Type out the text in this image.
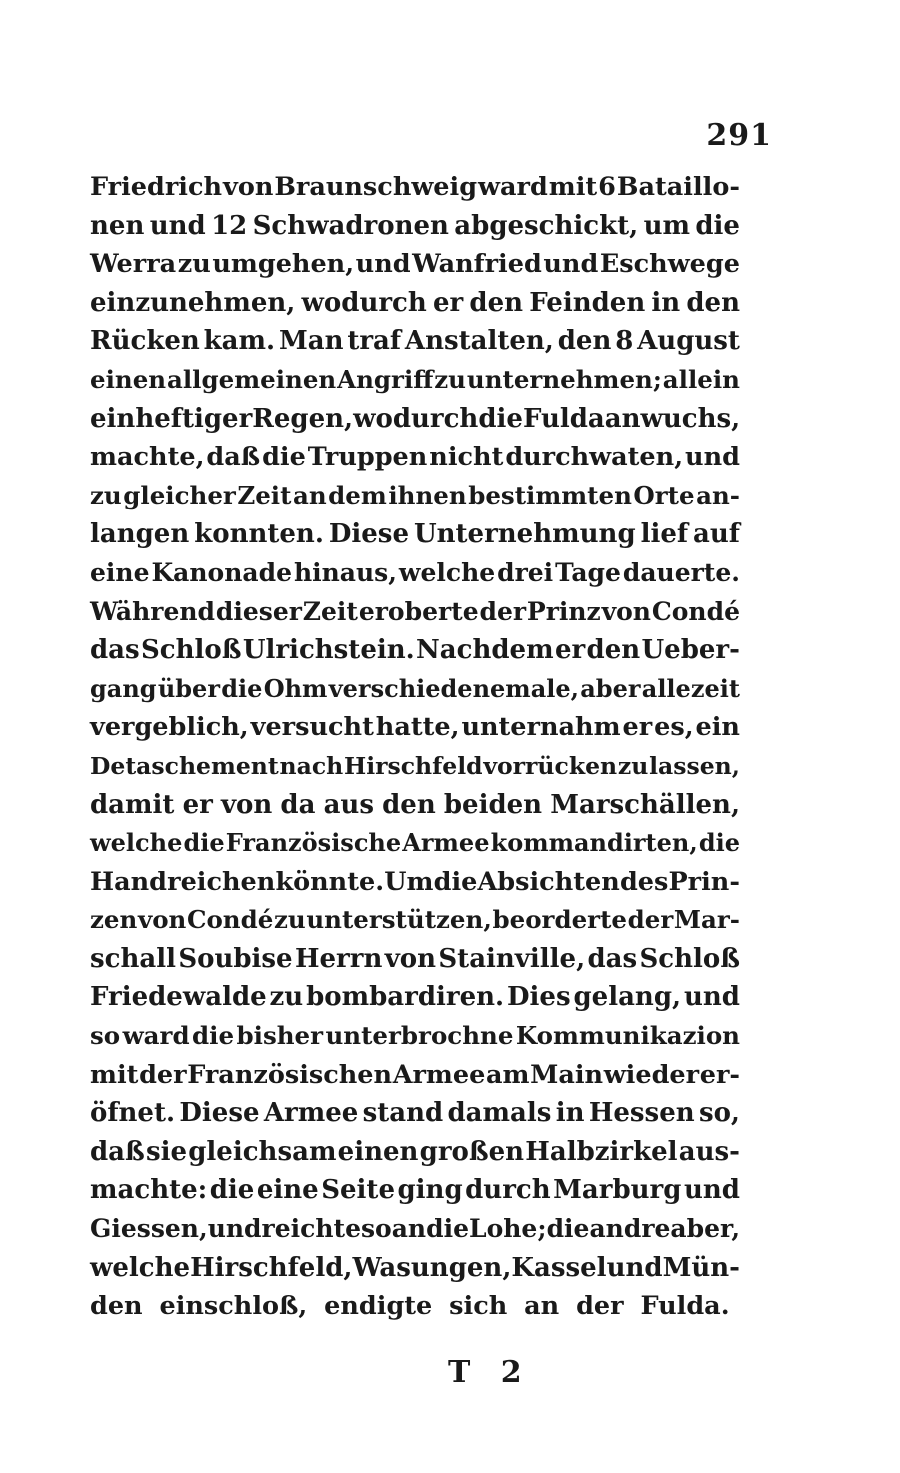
291
Friedrich von Braunschweig ward mit 6 Bataillo-
nen und 12 Schwadronen abgeschickt, um die
Werra zu umgehen, und Wanfried und Eschwege
einzunehmen, wodurch er den Feinden in den
Rücken kam. Man traf Anstalten, den 8 August
einen allgemeinen Angriff zu unternehmen; allein
ein heftiger Regen, wodurch die Fulda anwuchs,
machte, daß die Truppen nicht durchwaten, und
zu gleicher Zeit an dem ihnen bestimmten Orte an-
langen konnten. Diese Unternehmung lief auf
eine Kanonade hinaus, welche drei Tage dauerte.
Während dieser Zeit eroberte der Prinz von Condé
das Schloß Ulrichstein. Nachdem er den Ueber-
gang über die Ohm verschiedenemale, aber allezeit
vergeblich, versucht hatte, unternahm er es, ein
Detaschement nach Hirschfeld vorrücken zu lassen,
damit er von da aus den beiden Marschällen,
welche die Französische Armee kommandirten, die
Hand reichen könnte. Um die Absichten des Prin-
zen von Condé zu unterstützen, beorderte der Mar-
schall Soubise Herrn von Stainville, das Schloß
Friedewalde zu bombardiren. Dies gelang, und
so ward die bisher unterbrochne Kommunikazion
mit der Französischen Armee am Main wieder er-
öfnet. Diese Armee stand damals in Hessen so,
daß sie gleichsam einen großen Halbzirkel aus-
machte: die eine Seite ging durch Marburg und
Giessen, und reichte so an die Lohe; die andre aber,
welche Hirschfeld, Wasungen, Kassel und Mün-
den einschloß, endigte sich an der Fulda.
T 2
